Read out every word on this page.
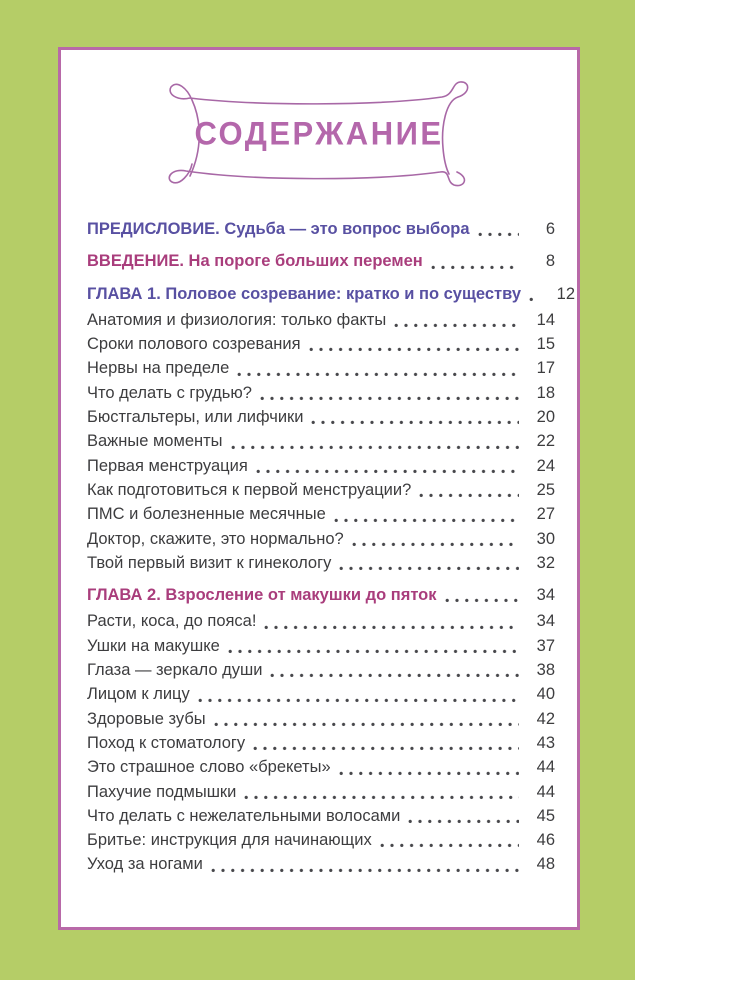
СОДЕРЖАНИЕ
ПРЕДИСЛОВИЕ. Судьба — это вопрос выбора	6
ВВЕДЕНИЕ. На пороге больших перемен	8
ГЛАВА 1. Половое созревание: кратко и по существу	12
Анатомия и физиология: только факты	14
Сроки полового созревания	15
Нервы на пределе	17
Что делать с грудью?	18
Бюстгальтеры, или лифчики	20
Важные моменты	22
Первая менструация	24
Как подготовиться к первой менструации?	25
ПМС и болезненные месячные	27
Доктор, скажите, это нормально?	30
Твой первый визит к гинекологу	32
ГЛАВА 2. Взросление от макушки до пяток	34
Расти, коса, до пояса!	34
Ушки на макушке	37
Глаза — зеркало души	38
Лицом к лицу	40
Здоровые зубы	42
Поход к стоматологу	43
Это страшное слово «брекеты»	44
Пахучие подмышки	44
Что делать с нежелательными волосами	45
Бритье: инструкция для начинающих	46
Уход за ногами	48
